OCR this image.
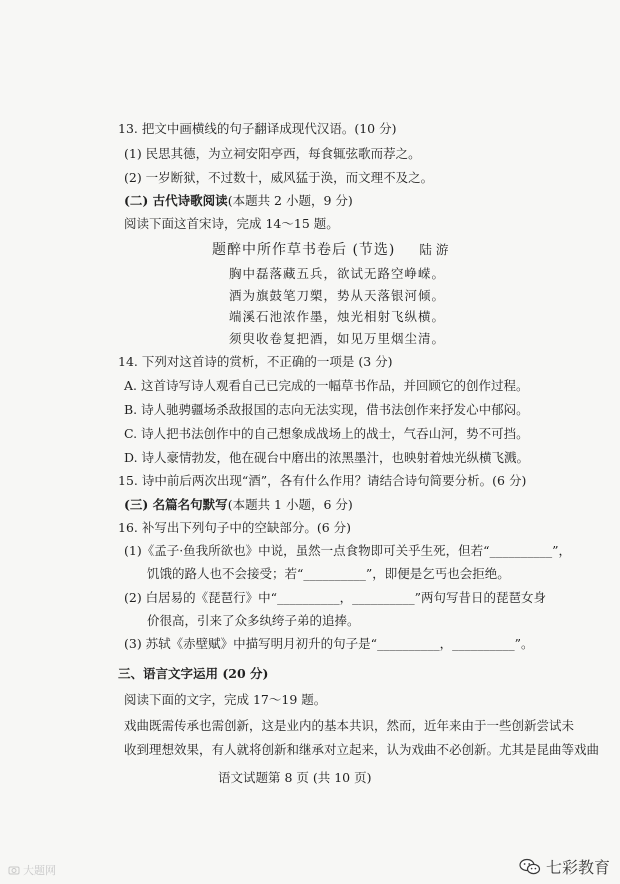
13. 把文中画横线的句子翻译成现代汉语。(10 分)
(1) 民思其德，为立祠安阳亭西，每食辄弦歌而荐之。
(2) 一岁断狱，不过数十，威风猛于涣，而文理不及之。
(二) 古代诗歌阅读(本题共 2 小题，9 分)
阅读下面这首宋诗，完成 14～15 题。
题醉中所作草书卷后 (节选) 陆 游
胸中磊落藏五兵，欲试无路空峥嵘。
酒为旗鼓笔刀槊，势从天落银河倾。
端溪石池浓作墨，烛光相射飞纵横。
须臾收卷复把酒，如见万里烟尘清。
14. 下列对这首诗的赏析，不正确的一项是 (3 分)
A. 这首诗写诗人观看自己已完成的一幅草书作品，并回顾它的创作过程。
B. 诗人驰骋疆场杀敌报国的志向无法实现，借书法创作来抒发心中郁闷。
C. 诗人把书法创作中的自己想象成战场上的战士，气吞山河，势不可挡。
D. 诗人豪情勃发，他在砚台中磨出的浓黑墨汁，也映射着烛光纵横飞溅。
15. 诗中前后两次出现“酒”，各有什么作用？请结合诗句简要分析。(6 分)
(三) 名篇名句默写(本题共 1 小题，6 分)
16. 补写出下列句子中的空缺部分。(6 分)
(1)《孟子·鱼我所欲也》中说，虽然一点食物即可关乎生死，但若“__________”，
饥饿的路人也不会接受；若“__________”，即便是乞丐也会拒绝。
(2) 白居易的《琵琶行》中“__________，__________”两句写昔日的琵琶女身
价很高，引来了众多纨绔子弟的追捧。
(3) 苏轼《赤壁赋》中描写明月初升的句子是“__________，__________”。
三、语言文字运用 (20 分)
阅读下面的文字，完成 17～19 题。
戏曲既需传承也需创新，这是业内的基本共识，然而，近年来由于一些创新尝试未
收到理想效果，有人就将创新和继承对立起来，认为戏曲不必创新。尤其是昆曲等戏曲
语文试题第 8 页 (共 10 页)
大题网	七彩教育
